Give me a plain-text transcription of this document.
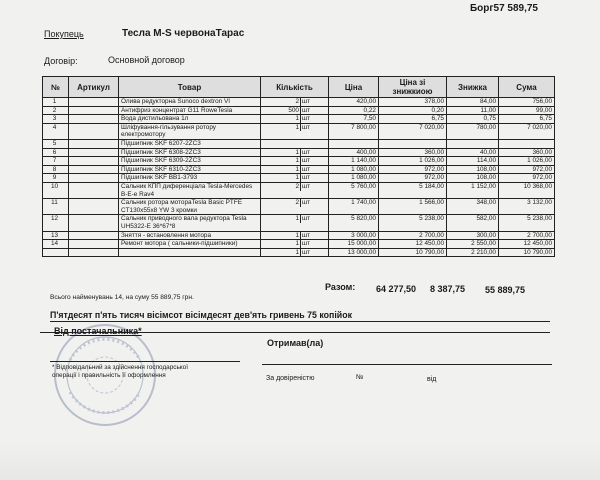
Борг57 589,75
Покупець	Тесла M-S червонаТарас
Договір:	Основной договор
№	Артикул	Товар	Кількість	Ціна	Ціна зі знижкиою	Знижка	Сума
1		Олива редукторна Sunoco dextron VI	2 шт	420,00	378,00	84,00	756,00
2		Антифриз концентрат G11 RoweTesla	500 шт	0,22	0,20	11,00	99,00
3		Вода дистильована 1л	1 шт	7,50	6,75	0,75	6,75
4		Шліфування-гільзування ротору електромотору	1 шт	7 800,00	7 020,00	780,00	7 020,00
5		Підшипник SKF 6207-2ZC3	

6		Підшипник SKF 6308-2ZC3	1 шт	400,00	360,00	40,00	360,00
7		Підшипник SKF 6309-2ZC3	1 шт	1 140,00	1 026,00	114,00	1 026,00
8		Підшипник SKF 6310-2ZC3	1 шт	1 080,00	972,00	108,00	972,00
9		Підшипник SKF BB1-3793	1 шт	1 080,00	972,00	108,00	972,00
10		Сальник КПП диференціала Tesla-Mercedes B-E-e Rav4	2 шт	5 760,00	5 184,00	1 152,00	10 368,00
11		Сальник ротора мотораTesla Basic PTFE CT130x55x8 YW 3 кромки	2 шт	1 740,00	1 566,00	348,00	3 132,00
12		Сальник приводного вала редуктора Tesla UH5322-E 36*67*8	1 шт	5 820,00	5 238,00	582,00	5 238,00
13		Зняття - встановлення мотора	1 шт	3 000,00	2 700,00	300,00	2 700,00
14		Ремонт мотора ( сальники-підшипники)	1 шт	15 000,00	12 450,00	2 550,00	12 450,00

			1 шт	13 000,00	10 790,00	2 210,00	10 790,00
Разом: 64 277,50 8 387,75 55 889,75
Всього найменувань 14, на суму 55 889,75 грн.
П'ятдесят п'ять тисяч вісімсот вісімдесят дев'ять гривень 75 копійок
Від постачальника*
* Відповідальний за здійснення господарської операції і правильність її оформлення
Отримав(ла)
За довіреністю	№	від
